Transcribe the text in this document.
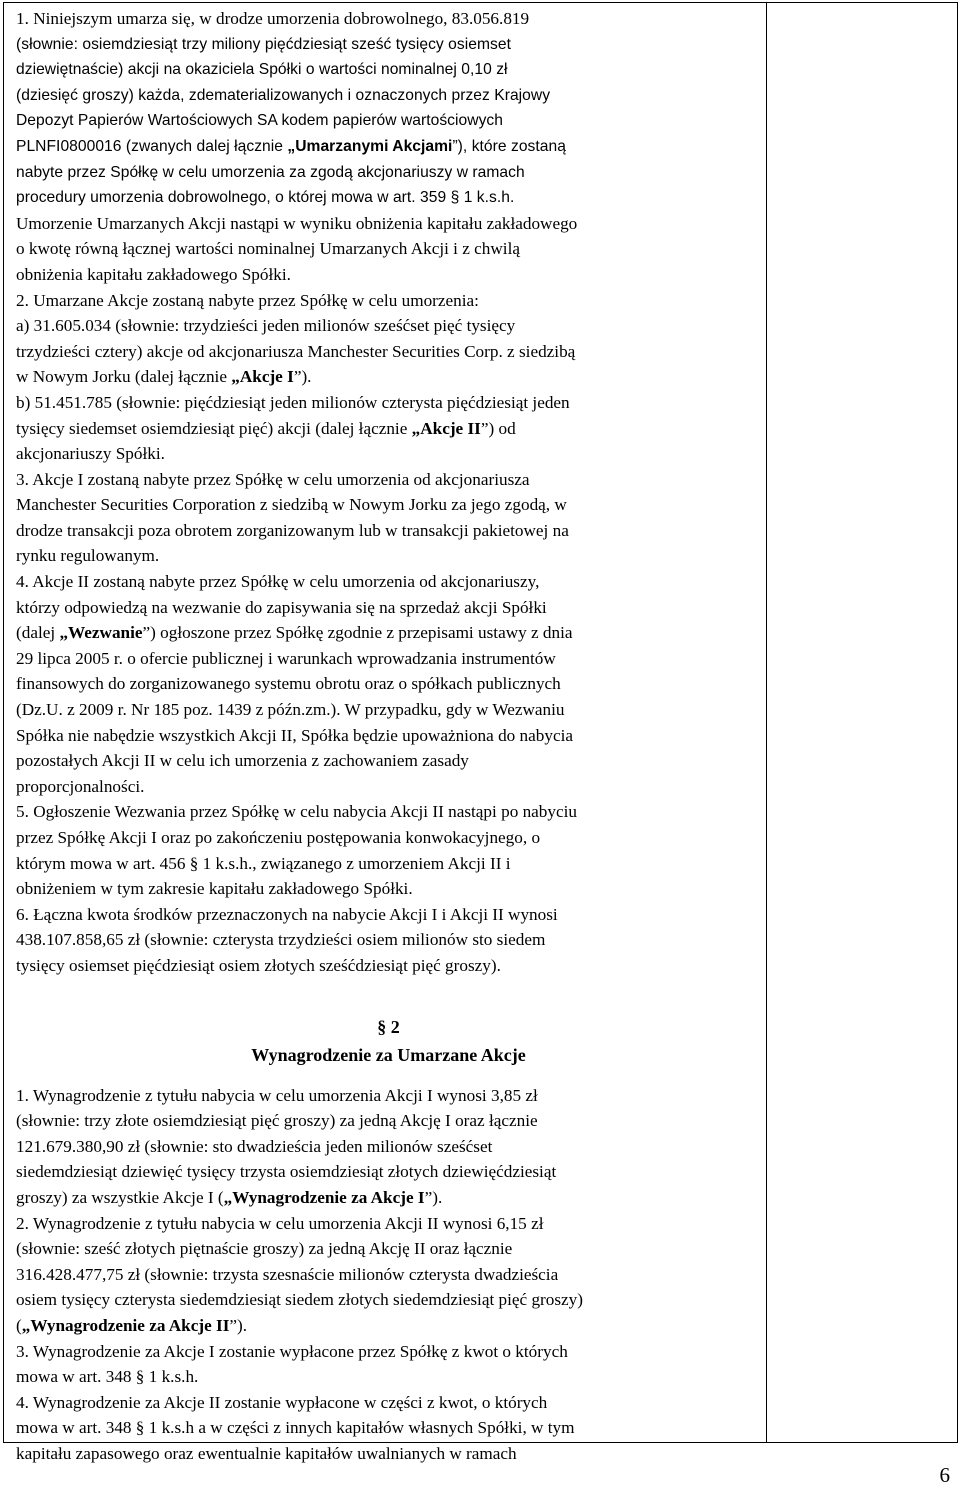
1. Niniejszym umarza się, w drodze umorzenia dobrowolnego, 83.056.819

(słownie: osiemdziesiąt trzy miliony pięćdziesiąt sześć tysięcy osiemset

dziewiętnaście) akcji na okaziciela Spółki o wartości nominalnej 0,10 zł

(dziesięć groszy) każda, zdematerializowanych i oznaczonych przez Krajowy

Depozyt Papierów Wartościowych SA kodem papierów wartościowych

PLNFI0800016 (zwanych dalej łącznie „Umarzanymi Akcjami”), które zostaną

nabyte przez Spółkę w celu umorzenia za zgodą akcjonariuszy w ramach

procedury umorzenia dobrowolnego, o której mowa w art. 359 § 1 k.s.h.

Umorzenie Umarzanych Akcji nastąpi w wyniku obniżenia kapitału zakładowego

o kwotę równą łącznej wartości nominalnej Umarzanych Akcji i z chwilą

obniżenia kapitału zakładowego Spółki.

2. Umarzane Akcje zostaną nabyte przez Spółkę w celu umorzenia:

a) 31.605.034 (słownie: trzydzieści jeden milionów sześćset pięć tysięcy

trzydzieści cztery) akcje od akcjonariusza Manchester Securities Corp. z siedzibą

w Nowym Jorku (dalej łącznie „Akcje I”).

b) 51.451.785 (słownie: pięćdziesiąt jeden milionów czterysta pięćdziesiąt jeden

tysięcy siedemset osiemdziesiąt pięć) akcji (dalej łącznie „Akcje II”) od

akcjonariuszy Spółki.

3. Akcje I zostaną nabyte przez Spółkę w celu umorzenia od akcjonariusza

Manchester Securities Corporation z siedzibą w Nowym Jorku za jego zgodą, w

drodze transakcji poza obrotem zorganizowanym lub w transakcji pakietowej na

rynku regulowanym.

4. Akcje II zostaną nabyte przez Spółkę w celu umorzenia od akcjonariuszy,

którzy odpowiedzą na wezwanie do zapisywania się na sprzedaż akcji Spółki

(dalej „Wezwanie”) ogłoszone przez Spółkę zgodnie z przepisami ustawy z dnia

29 lipca 2005 r. o ofercie publicznej i warunkach wprowadzania instrumentów

finansowych do zorganizowanego systemu obrotu oraz o spółkach publicznych

(Dz.U. z 2009 r. Nr 185 poz. 1439 z późn.zm.). W przypadku, gdy w Wezwaniu

Spółka nie nabędzie wszystkich Akcji II, Spółka będzie upoważniona do nabycia

pozostałych Akcji II w celu ich umorzenia z zachowaniem zasady

proporcjonalności.

5. Ogłoszenie Wezwania przez Spółkę w celu nabycia Akcji II nastąpi po nabyciu

przez Spółkę Akcji I oraz po zakończeniu postępowania konwokacyjnego, o

którym mowa w art. 456 § 1 k.s.h., związanego z umorzeniem Akcji II i

obniżeniem w tym zakresie kapitału zakładowego Spółki.

6. Łączna kwota środków przeznaczonych na nabycie Akcji I i Akcji II wynosi

438.107.858,65 zł (słownie: czterysta trzydzieści osiem milionów sto siedem

tysięcy osiemset pięćdziesiąt osiem złotych sześćdziesiąt pięć groszy).

§ 2

Wynagrodzenie za Umarzane Akcje

1. Wynagrodzenie z tytułu nabycia w celu umorzenia Akcji I wynosi 3,85 zł

(słownie: trzy złote osiemdziesiąt pięć groszy) za jedną Akcję I oraz łącznie

121.679.380,90 zł (słownie: sto dwadzieścia jeden milionów sześćset

siedemdziesiąt dziewięć tysięcy trzysta osiemdziesiąt złotych dziewięćdziesiąt

groszy) za wszystkie Akcje I („Wynagrodzenie za Akcje I”).

2. Wynagrodzenie z tytułu nabycia w celu umorzenia Akcji II wynosi 6,15 zł

(słownie: sześć złotych piętnaście groszy) za jedną Akcję II oraz łącznie

316.428.477,75 zł (słownie: trzysta szesnaście milionów czterysta dwadzieścia

osiem tysięcy czterysta siedemdziesiąt siedem złotych siedemdziesiąt pięć groszy)

(„Wynagrodzenie za Akcje II”).

3. Wynagrodzenie za Akcje I zostanie wypłacone przez Spółkę z kwot o których

mowa w art. 348 § 1 k.s.h.

4. Wynagrodzenie za Akcje II zostanie wypłacone w części z kwot, o których

mowa w art. 348 § 1 k.s.h a w części z innych kapitałów własnych Spółki, w tym

kapitału zapasowego oraz ewentualnie kapitałów uwalnianych w ramach

6
